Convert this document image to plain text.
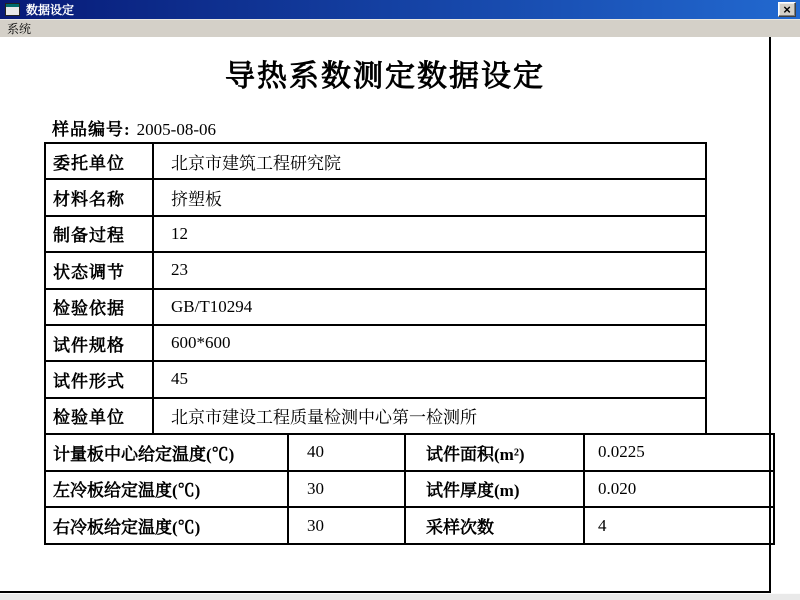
数据设定	×
系统
导热系数测定数据设定
样品编号: 2005-08-06
委托单位	北京市建筑工程研究院
材料名称	挤塑板
制备过程	12
状态调节	23
检验依据	GB/T10294
试件规格	600*600
试件形式	45
检验单位	北京市建设工程质量检测中心第一检测所
计量板中心给定温度(℃)	40	试件面积(m²)	0.0225
左冷板给定温度(℃)	30	试件厚度(m)	0.020
右冷板给定温度(℃)	30	采样次数	4
